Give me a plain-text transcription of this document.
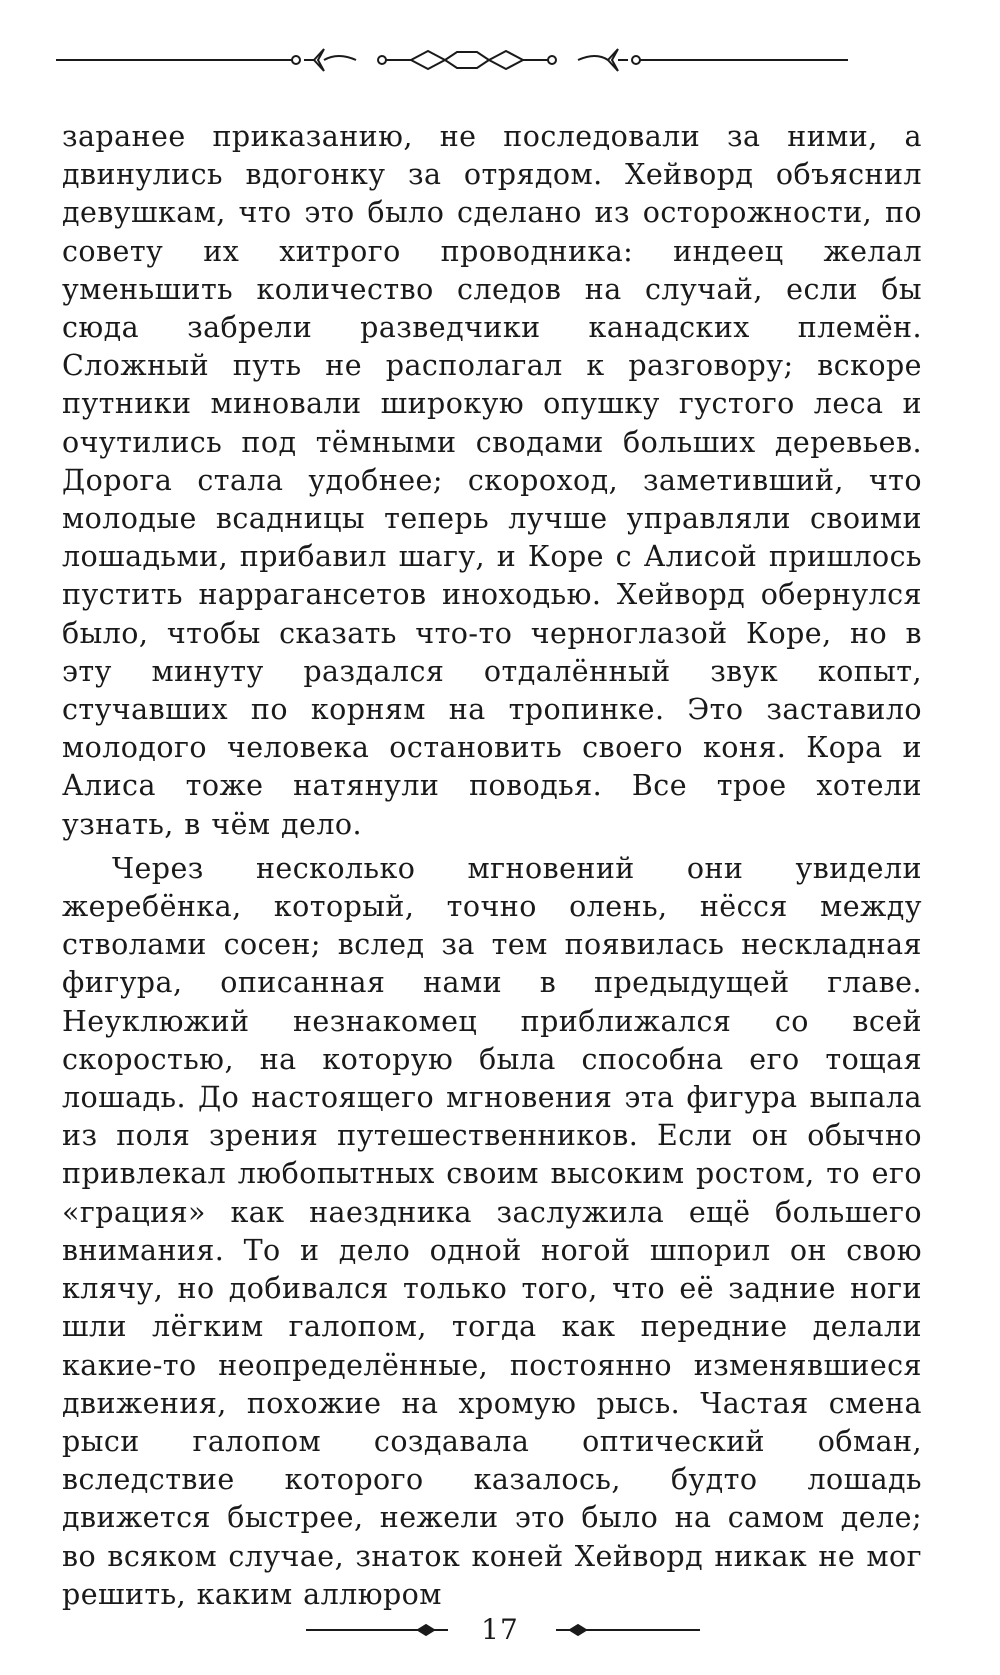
заранее приказанию, не последовали за ними, а двинулись вдогонку за отрядом. Хейворд объяснил девушкам, что это было сделано из осторожности, по совету их хитрого проводника: индеец желал уменьшить количество следов на случай, если бы сюда забрели разведчики канадских племён. Сложный путь не располагал к разговору; вскоре путники миновали широкую опушку густого леса и очутились под тёмными сводами больших деревьев. Дорога стала удобнее; скороход, заметивший, что молодые всадницы теперь лучше управляли своими лошадьми, прибавил шагу, и Коре с Алисой пришлось пустить наррагансетов иноходью. Хейворд обернулся было, чтобы сказать что-то черноглазой Коре, но в эту минуту раздался отдалённый звук копыт, стучавших по корням на тропинке. Это заставило молодого человека остановить своего коня. Кора и Алиса тоже натянули поводья. Все трое хотели узнать, в чём дело.

Через несколько мгновений они увидели жеребёнка, который, точно олень, нёсся между стволами сосен; вслед за тем появилась нескладная фигура, описанная нами в предыдущей главе. Неуклюжий незнакомец приближался со всей скоростью, на которую была способна его тощая лошадь. До настоящего мгновения эта фигура выпала из поля зрения путешественников. Если он обычно привлекал любопытных своим высоким ростом, то его «грация» как наездника заслужила ещё большего внимания. То и дело одной ногой шпорил он свою клячу, но добивался только того, что её задние ноги шли лёгким галопом, тогда как передние делали какие-то неопределённые, постоянно изменявшиеся движения, похожие на хромую рысь. Частая смена рыси галопом создавала оптический обман, вследствие которого казалось, будто лошадь движется быстрее, нежели это было на самом деле; во всяком случае, знаток коней Хейворд никак не мог решить, каким аллюром

17
